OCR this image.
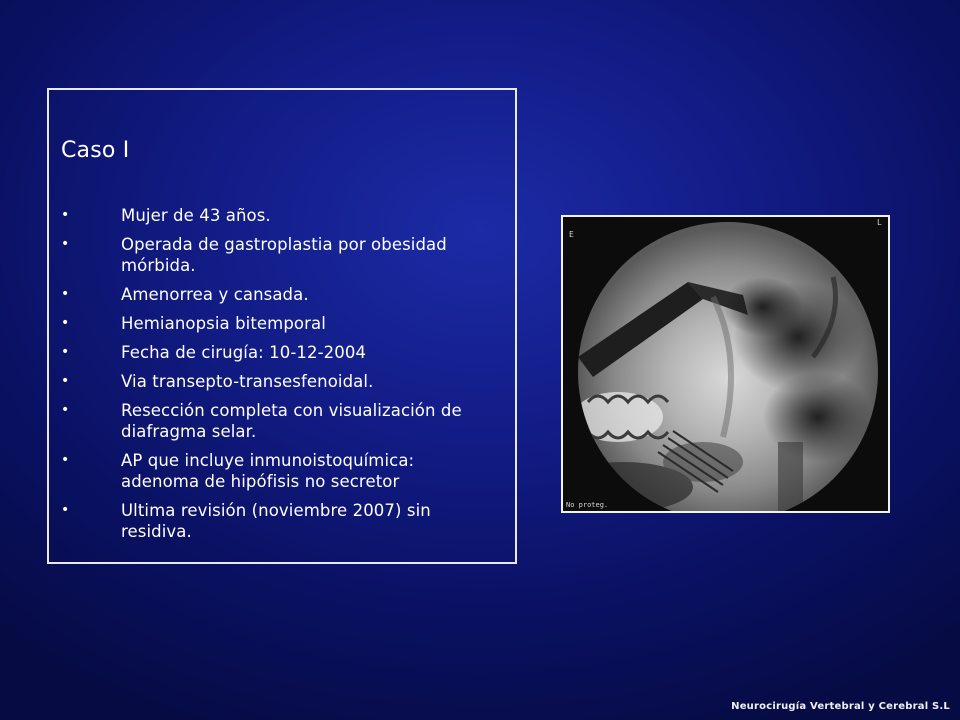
Caso I
•	Mujer de 43 años.
•	Operada de gastroplastia por obesidad mórbida.
•	Amenorrea y cansada.
•	Hemianopsia bitemporal
•	Fecha de cirugía: 10-12-2004
•	Via transepto-transesfenoidal.
•	Resección completa con visualización de diafragma selar.
•	AP que incluye inmunoistoquímica: adenoma de hipófisis no secretor
•	Ultima revisión (noviembre 2007) sin residiva.
E
L
No proteg.
Neurocirugía Vertebral y Cerebral S.L
